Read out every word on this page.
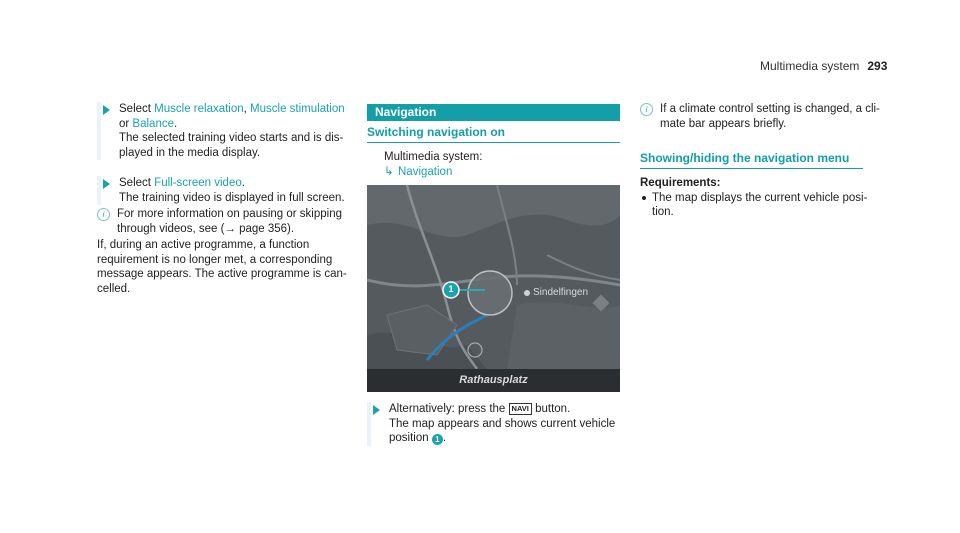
Multimedia system 293
Select Muscle relaxation, Muscle stimulation
or Balance.
The selected training video starts and is dis-
played in the media display.
Select Full-screen video.
The training video is displayed in full screen.
i	For more information on pausing or skipping
through videos, see (→ page 356).
If, during an active programme, a function
requirement is no longer met, a corresponding
message appears. The active programme is can-
celled.
Navigation
Switching navigation on
Multimedia system:
↳ Navigation
1	Sindelfingen
Rathausplatz
Alternatively: press the NAVI button.
The map appears and shows current vehicle
position 1 .
i	If a climate control setting is changed, a cli-
mate bar appears briefly.
Showing/hiding the navigation menu
Requirements:
The map displays the current vehicle posi-
tion.
